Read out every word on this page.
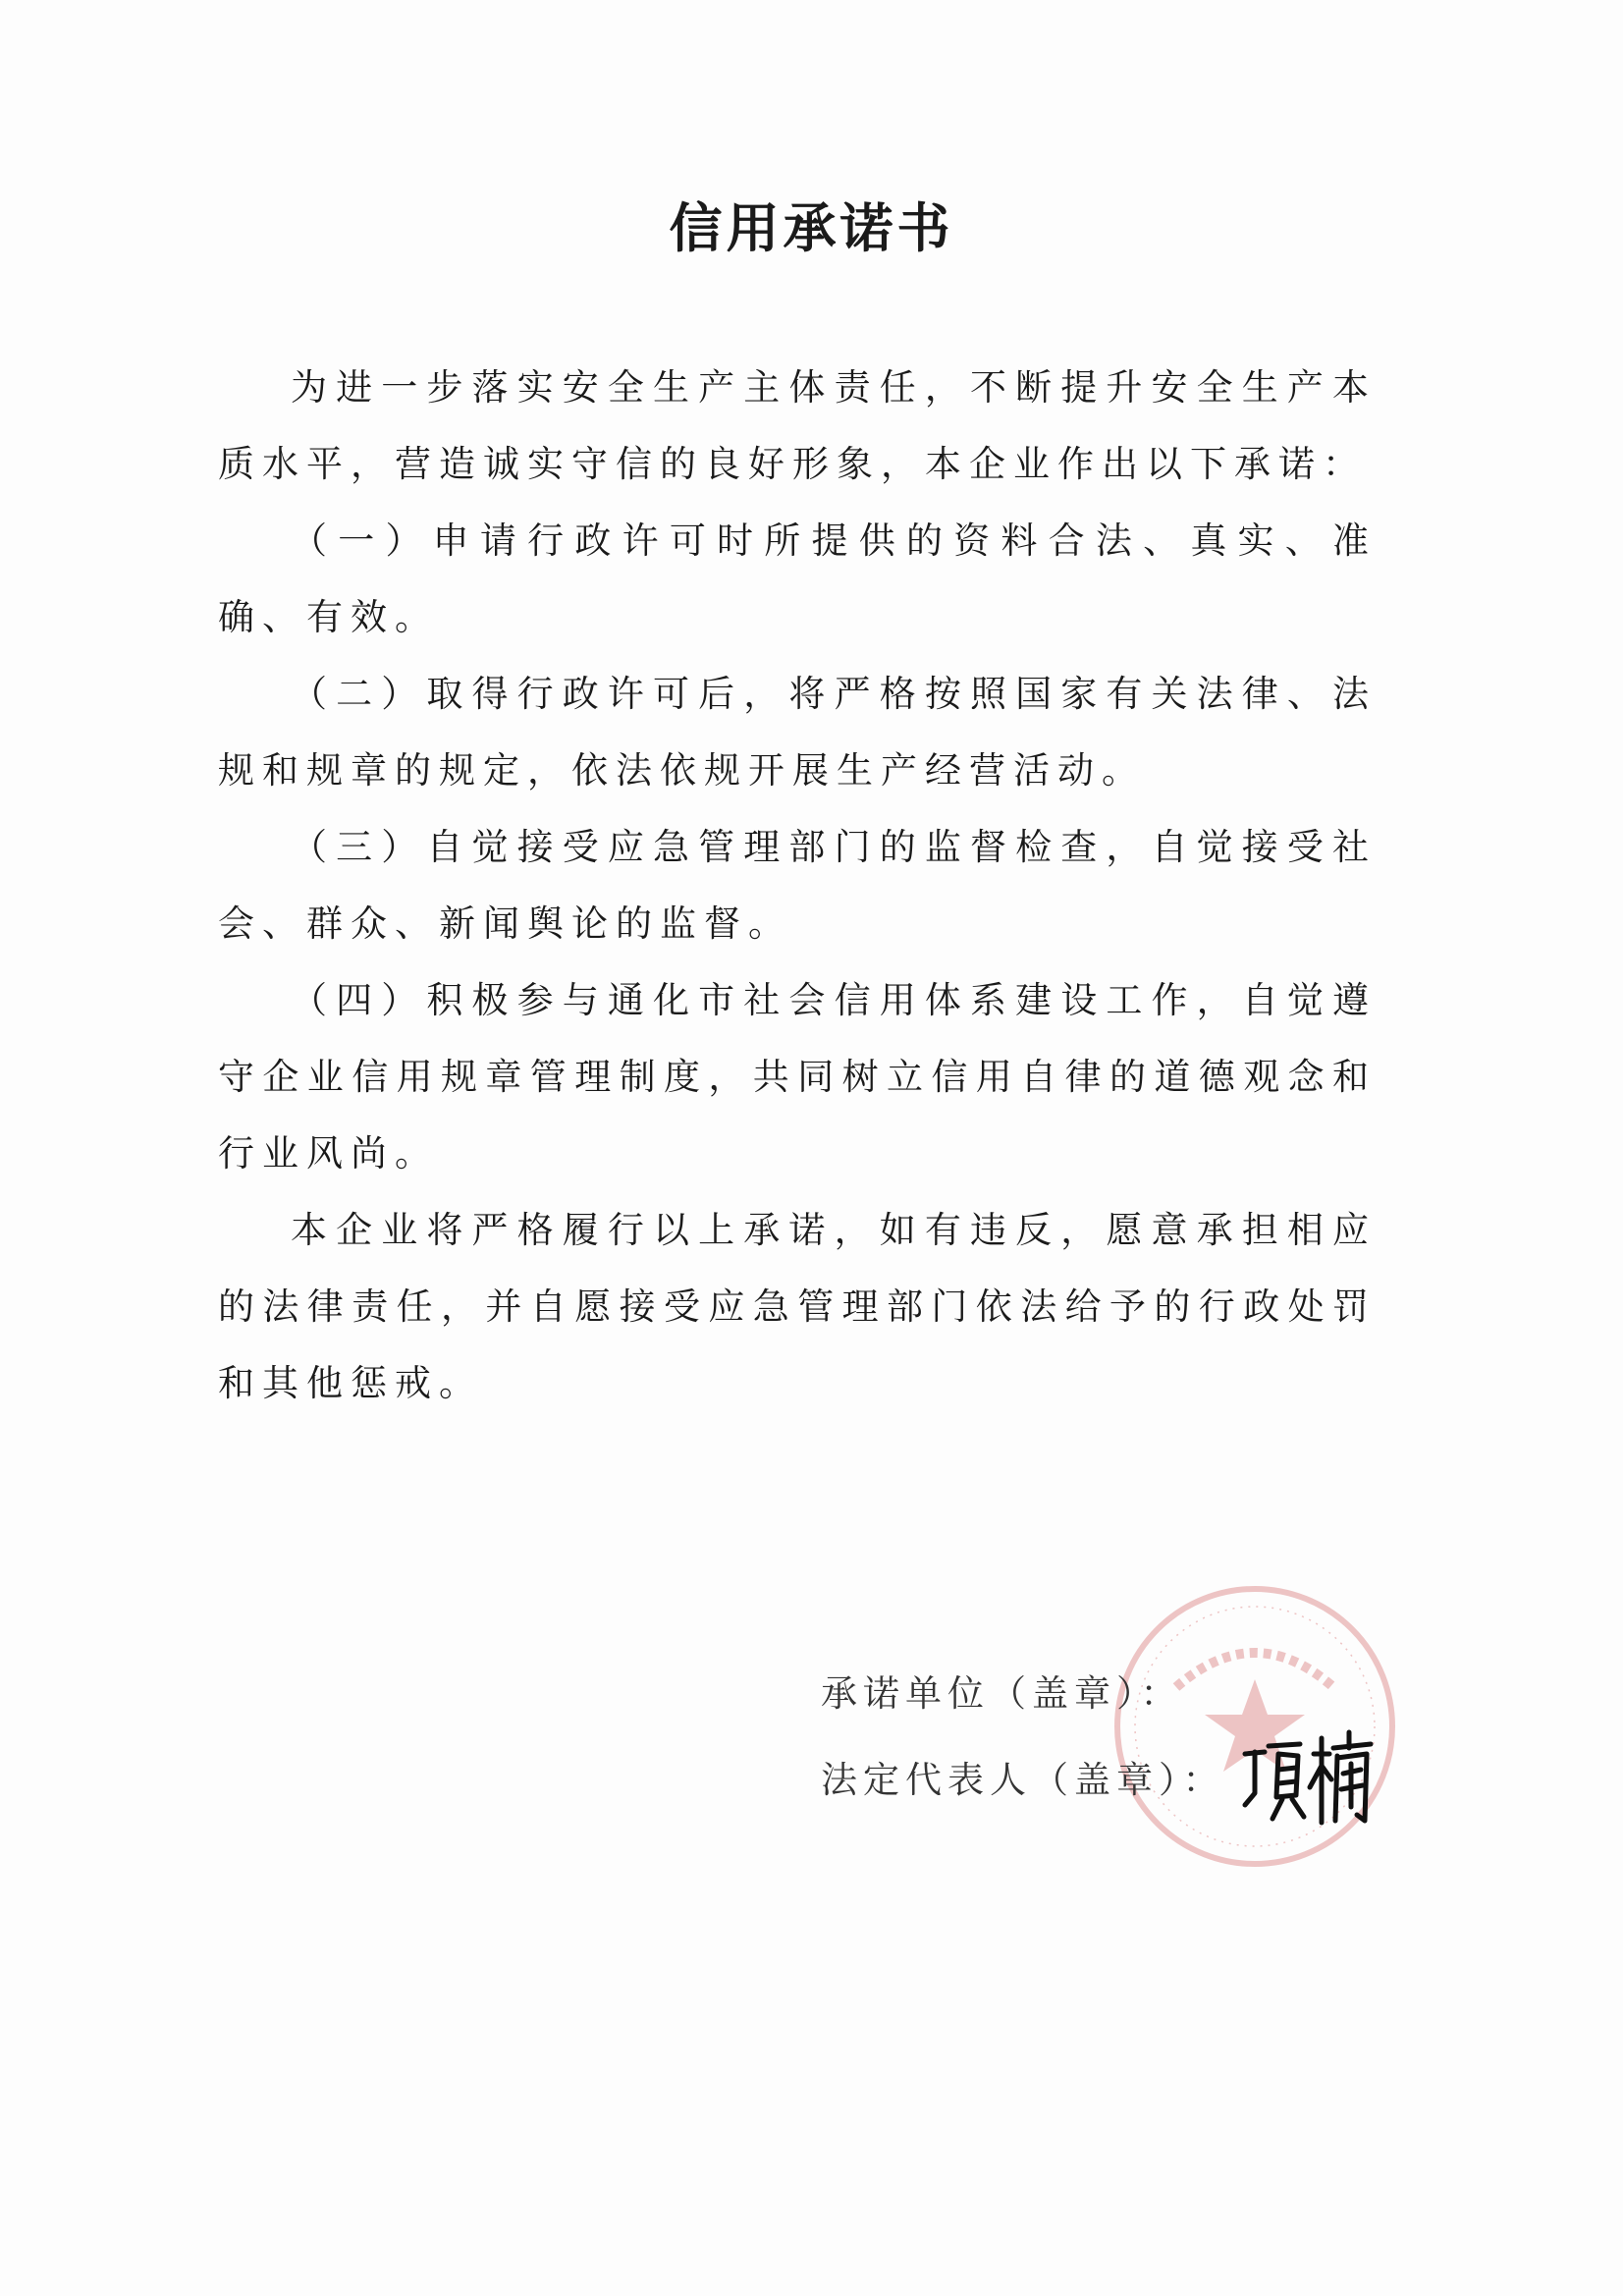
信用承诺书

为进一步落实安全生产主体责任，不断提升安全生产本质水平，营造诚实守信的良好形象，本企业作出以下承诺：

（一）申请行政许可时所提供的资料合法、真实、准确、有效。

（二）取得行政许可后，将严格按照国家有关法律、法规和规章的规定，依法依规开展生产经营活动。

（三）自觉接受应急管理部门的监督检查，自觉接受社会、群众、新闻舆论的监督。

（四）积极参与通化市社会信用体系建设工作，自觉遵守企业信用规章管理制度，共同树立信用自律的道德观念和行业风尚。

本企业将严格履行以上承诺，如有违反，愿意承担相应的法律责任，并自愿接受应急管理部门依法给予的行政处罚和其他惩戒。

承诺单位（盖章）：
法定代表人（盖章）：
